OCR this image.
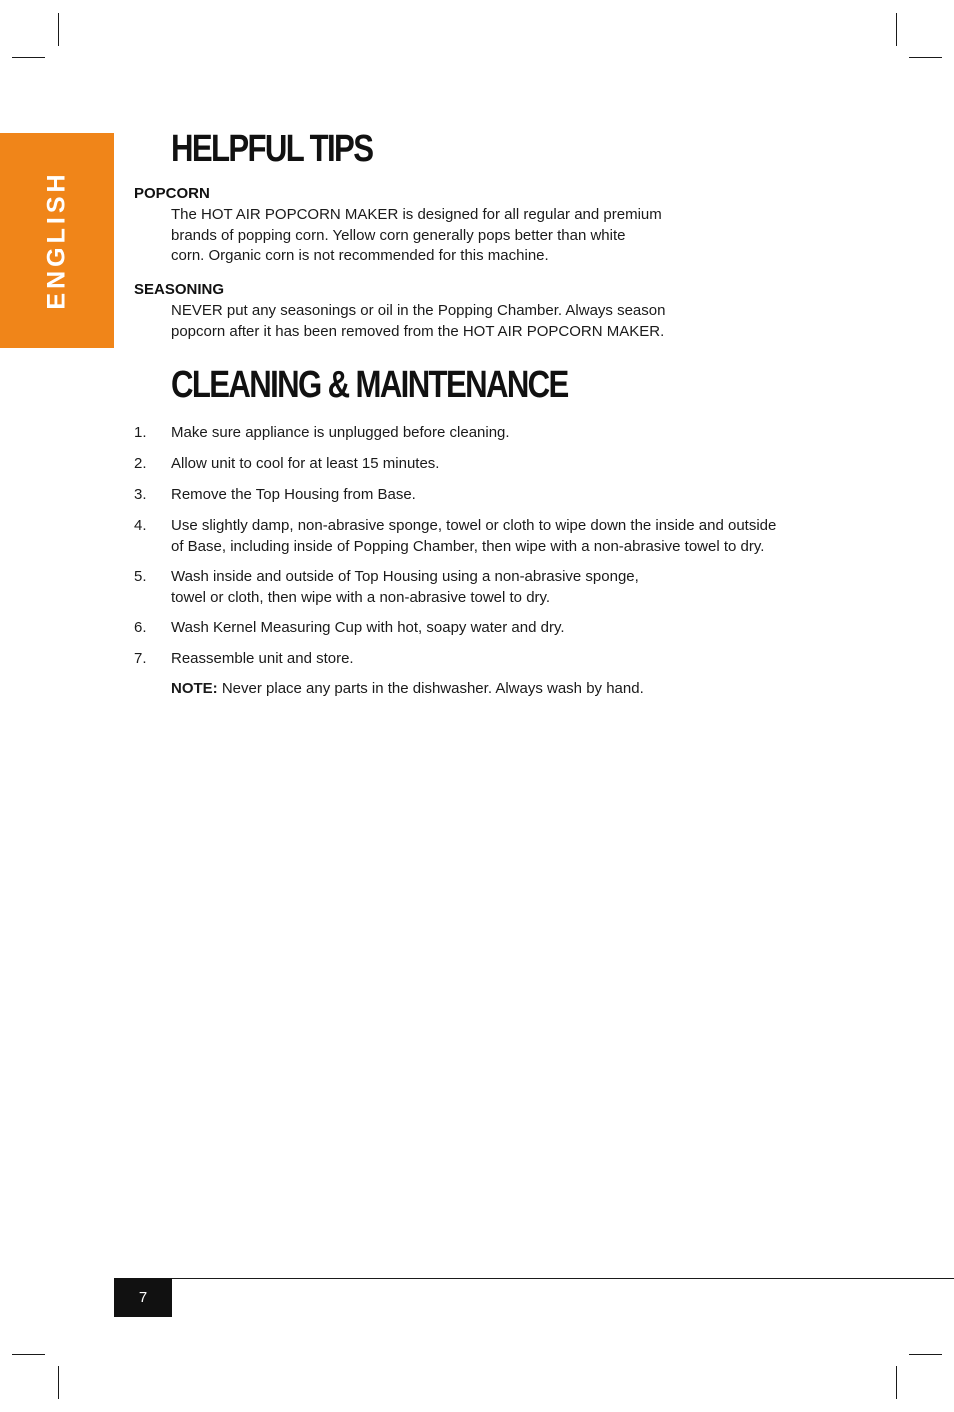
ENGLISH
HELPFUL TIPS
POPCORN
The HOT AIR POPCORN MAKER is designed for all regular and premium
brands of popping corn. Yellow corn generally pops better than white
corn. Organic corn is not recommended for this machine.
SEASONING
NEVER put any seasonings or oil in the Popping Chamber. Always season
popcorn after it has been removed from the HOT AIR POPCORN MAKER.
CLEANING & MAINTENANCE
1. Make sure appliance is unplugged before cleaning.
2. Allow unit to cool for at least 15 minutes.
3. Remove the Top Housing from Base.
4. Use slightly damp, non-abrasive sponge, towel or cloth to wipe down the inside and outside
of Base, including inside of Popping Chamber, then wipe with a non-abrasive towel to dry.
5. Wash inside and outside of Top Housing using a non-abrasive sponge,
towel or cloth, then wipe with a non-abrasive towel to dry.
6. Wash Kernel Measuring Cup with hot, soapy water and dry.
7. Reassemble unit and store.
NOTE: Never place any parts in the dishwasher. Always wash by hand.
7
